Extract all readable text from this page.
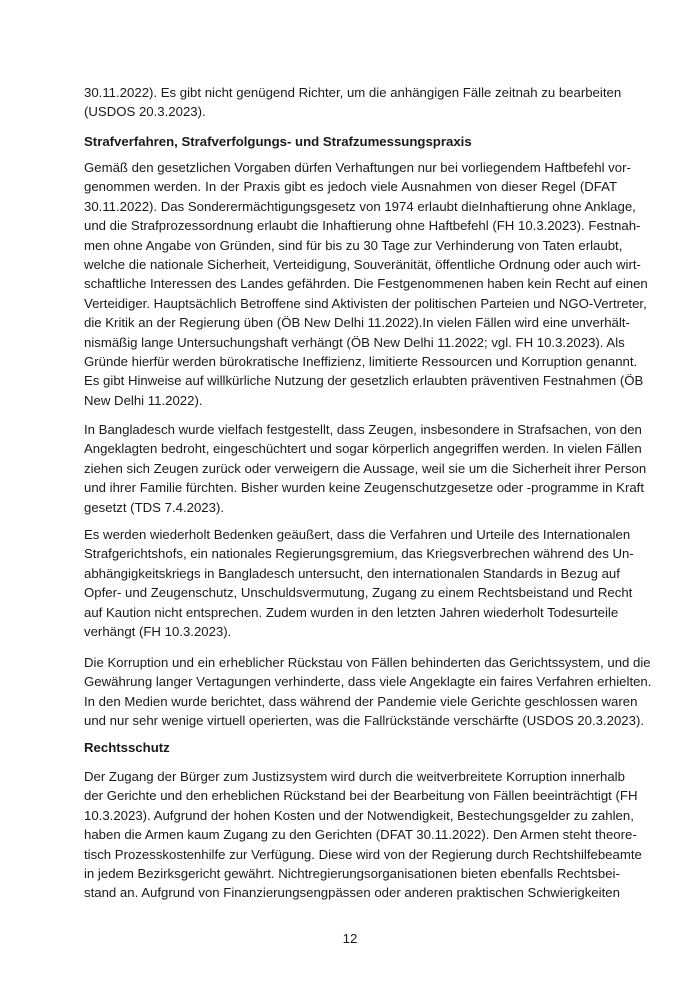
30.11.2022). Es gibt nicht genügend Richter, um die anhängigen Fälle zeitnah zu bearbeiten
(USDOS 20.3.2023).
Strafverfahren, Strafverfolgungs- und Strafzumessungspraxis
Gemäß den gesetzlichen Vorgaben dürfen Verhaftungen nur bei vorliegendem Haftbefehl vor-
genommen werden. In der Praxis gibt es jedoch viele Ausnahmen von dieser Regel (DFAT
30.11.2022). Das Sonderermächtigungsgesetz von 1974 erlaubt dieInhaftierung ohne Anklage,
und die Strafprozessordnung erlaubt die Inhaftierung ohne Haftbefehl (FH 10.3.2023). Festnah-
men ohne Angabe von Gründen, sind für bis zu 30 Tage zur Verhinderung von Taten erlaubt,
welche die nationale Sicherheit, Verteidigung, Souveränität, öffentliche Ordnung oder auch wirt-
schaftliche Interessen des Landes gefährden. Die Festgenommenen haben kein Recht auf einen
Verteidiger. Hauptsächlich Betroffene sind Aktivisten der politischen Parteien und NGO-Vertreter,
die Kritik an der Regierung üben (ÖB New Delhi 11.2022).In vielen Fällen wird eine unverhält-
nismäßig lange Untersuchungshaft verhängt (ÖB New Delhi 11.2022; vgl. FH 10.3.2023). Als
Gründe hierfür werden bürokratische Ineffizienz, limitierte Ressourcen und Korruption genannt.
Es gibt Hinweise auf willkürliche Nutzung der gesetzlich erlaubten präventiven Festnahmen (ÖB
New Delhi 11.2022).
In Bangladesch wurde vielfach festgestellt, dass Zeugen, insbesondere in Strafsachen, von den
Angeklagten bedroht, eingeschüchtert und sogar körperlich angegriffen werden. In vielen Fällen
ziehen sich Zeugen zurück oder verweigern die Aussage, weil sie um die Sicherheit ihrer Person
und ihrer Familie fürchten. Bisher wurden keine Zeugenschutzgesetze oder -programme in Kraft
gesetzt (TDS 7.4.2023).
Es werden wiederholt Bedenken geäußert, dass die Verfahren und Urteile des Internationalen
Strafgerichtshofs, ein nationales Regierungsgremium, das Kriegsverbrechen während des Un-
abhängigkeitskriegs in Bangladesch untersucht, den internationalen Standards in Bezug auf
Opfer- und Zeugenschutz, Unschuldsvermutung, Zugang zu einem Rechtsbeistand und Recht
auf Kaution nicht entsprechen. Zudem wurden in den letzten Jahren wiederholt Todesurteile
verhängt (FH 10.3.2023).
Die Korruption und ein erheblicher Rückstau von Fällen behinderten das Gerichtssystem, und die
Gewährung langer Vertagungen verhinderte, dass viele Angeklagte ein faires Verfahren erhielten.
In den Medien wurde berichtet, dass während der Pandemie viele Gerichte geschlossen waren
und nur sehr wenige virtuell operierten, was die Fallrückstände verschärfte (USDOS 20.3.2023).
Rechtsschutz
Der Zugang der Bürger zum Justizsystem wird durch die weitverbreitete Korruption innerhalb
der Gerichte und den erheblichen Rückstand bei der Bearbeitung von Fällen beeinträchtigt (FH
10.3.2023). Aufgrund der hohen Kosten und der Notwendigkeit, Bestechungsgelder zu zahlen,
haben die Armen kaum Zugang zu den Gerichten (DFAT 30.11.2022). Den Armen steht theore-
tisch Prozesskostenhilfe zur Verfügung. Diese wird von der Regierung durch Rechtshilfebeamte
in jedem Bezirksgericht gewährt. Nichtregierungsorganisationen bieten ebenfalls Rechtsbei-
stand an. Aufgrund von Finanzierungsengpässen oder anderen praktischen Schwierigkeiten
12
